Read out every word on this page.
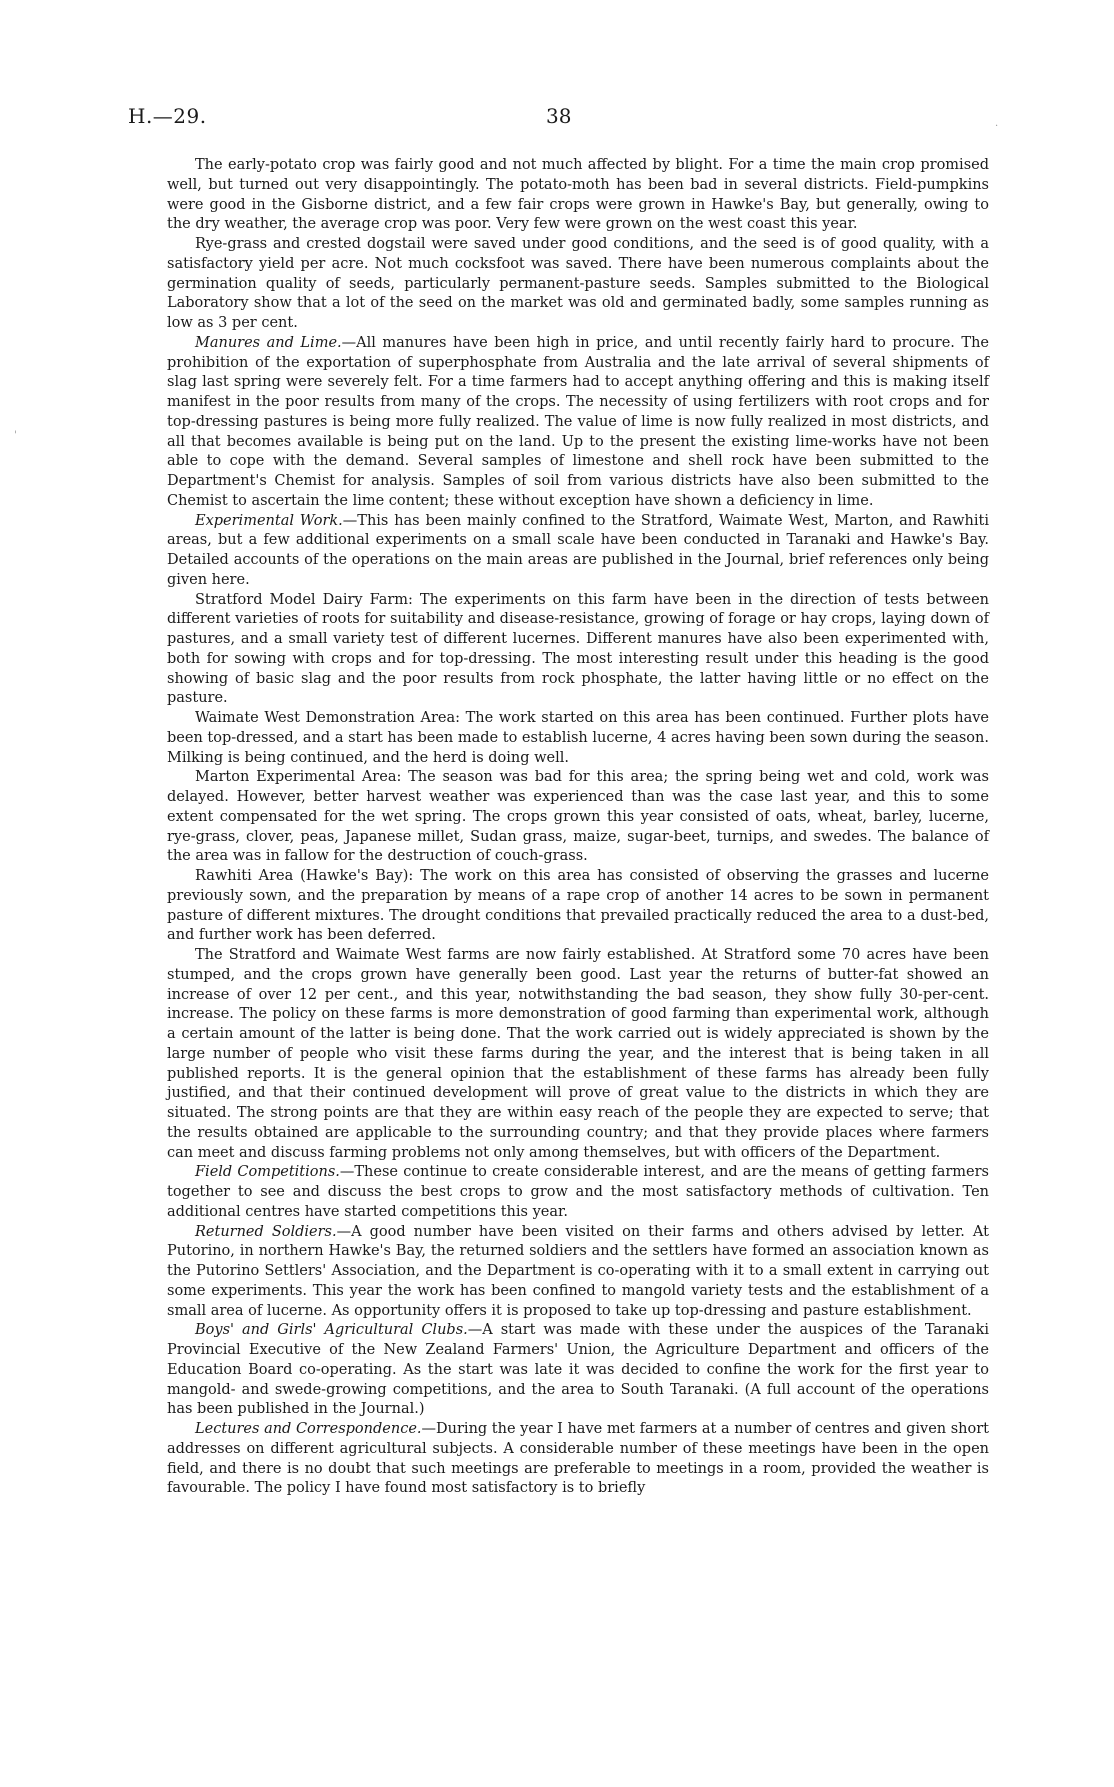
H.—29.	38

The early-potato crop was fairly good and not much affected by blight. For a time the main crop promised well, but turned out very disappointingly. The potato-moth has been bad in several districts. Field-pumpkins were good in the Gisborne district, and a few fair crops were grown in Hawke's Bay, but generally, owing to the dry weather, the average crop was poor. Very few were grown on the west coast this year.

Rye-grass and crested dogstail were saved under good conditions, and the seed is of good quality, with a satisfactory yield per acre. Not much cocksfoot was saved. There have been numerous complaints about the germination quality of seeds, particularly permanent-pasture seeds. Samples submitted to the Biological Laboratory show that a lot of the seed on the market was old and germinated badly, some samples running as low as 3 per cent.

Manures and Lime.—All manures have been high in price, and until recently fairly hard to procure. The prohibition of the exportation of superphosphate from Australia and the late arrival of several shipments of slag last spring were severely felt. For a time farmers had to accept anything offering and this is making itself manifest in the poor results from many of the crops. The necessity of using fertilizers with root crops and for top-dressing pastures is being more fully realized. The value of lime is now fully realized in most districts, and all that becomes available is being put on the land. Up to the present the existing lime-works have not been able to cope with the demand. Several samples of limestone and shell rock have been submitted to the Department's Chemist for analysis. Samples of soil from various districts have also been submitted to the Chemist to ascertain the lime content; these without exception have shown a deficiency in lime.

Experimental Work.—This has been mainly confined to the Stratford, Waimate West, Marton, and Rawhiti areas, but a few additional experiments on a small scale have been conducted in Taranaki and Hawke's Bay. Detailed accounts of the operations on the main areas are published in the Journal, brief references only being given here.

Stratford Model Dairy Farm: The experiments on this farm have been in the direction of tests between different varieties of roots for suitability and disease-resistance, growing of forage or hay crops, laying down of pastures, and a small variety test of different lucernes. Different manures have also been experimented with, both for sowing with crops and for top-dressing. The most interesting result under this heading is the good showing of basic slag and the poor results from rock phosphate, the latter having little or no effect on the pasture.

Waimate West Demonstration Area: The work started on this area has been continued. Further plots have been top-dressed, and a start has been made to establish lucerne, 4 acres having been sown during the season. Milking is being continued, and the herd is doing well.

Marton Experimental Area: The season was bad for this area; the spring being wet and cold, work was delayed. However, better harvest weather was experienced than was the case last year, and this to some extent compensated for the wet spring. The crops grown this year consisted of oats, wheat, barley, lucerne, rye-grass, clover, peas, Japanese millet, Sudan grass, maize, sugar-beet, turnips, and swedes. The balance of the area was in fallow for the destruction of couch-grass.

Rawhiti Area (Hawke's Bay): The work on this area has consisted of observing the grasses and lucerne previously sown, and the preparation by means of a rape crop of another 14 acres to be sown in permanent pasture of different mixtures. The drought conditions that prevailed practically reduced the area to a dust-bed, and further work has been deferred.

The Stratford and Waimate West farms are now fairly established. At Stratford some 70 acres have been stumped, and the crops grown have generally been good. Last year the returns of butter-fat showed an increase of over 12 per cent., and this year, notwithstanding the bad season, they show fully 30-per-cent. increase. The policy on these farms is more demonstration of good farming than experimental work, although a certain amount of the latter is being done. That the work carried out is widely appreciated is shown by the large number of people who visit these farms during the year, and the interest that is being taken in all published reports. It is the general opinion that the establishment of these farms has already been fully justified, and that their continued development will prove of great value to the districts in which they are situated. The strong points are that they are within easy reach of the people they are expected to serve; that the results obtained are applicable to the surrounding country; and that they provide places where farmers can meet and discuss farming problems not only among themselves, but with officers of the Department.

Field Competitions.—These continue to create considerable interest, and are the means of getting farmers together to see and discuss the best crops to grow and the most satisfactory methods of cultivation. Ten additional centres have started competitions this year.

Returned Soldiers.—A good number have been visited on their farms and others advised by letter. At Putorino, in northern Hawke's Bay, the returned soldiers and the settlers have formed an association known as the Putorino Settlers' Association, and the Department is co-operating with it to a small extent in carrying out some experiments. This year the work has been confined to mangold variety tests and the establishment of a small area of lucerne. As opportunity offers it is proposed to take up top-dressing and pasture establishment.

Boys' and Girls' Agricultural Clubs.—A start was made with these under the auspices of the Taranaki Provincial Executive of the New Zealand Farmers' Union, the Agriculture Department and officers of the Education Board co-operating. As the start was late it was decided to confine the work for the first year to mangold- and swede-growing competitions, and the area to South Taranaki. (A full account of the operations has been published in the Journal.)

Lectures and Correspondence.—During the year I have met farmers at a number of centres and given short addresses on different agricultural subjects. A considerable number of these meetings have been in the open field, and there is no doubt that such meetings are preferable to meetings in a room, provided the weather is favourable. The policy I have found most satisfactory is to briefly

.
'
